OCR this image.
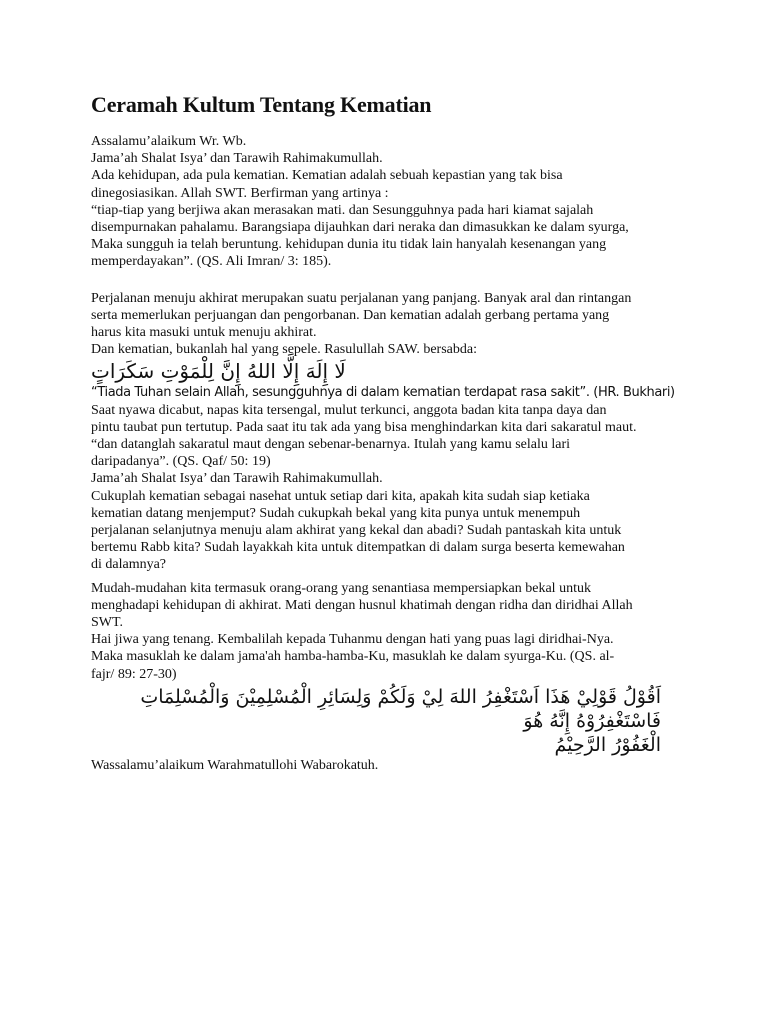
Ceramah Kultum Tentang Kematian

Assalamu’alaikum Wr. Wb.

Jama’ah Shalat Isya’ dan Tarawih Rahimakumullah.

Ada kehidupan, ada pula kematian. Kematian adalah sebuah kepastian yang tak bisa

dinegosiasikan. Allah SWT. Berfirman yang artinya :

“tiap-tiap yang berjiwa akan merasakan mati. dan Sesungguhnya pada hari kiamat sajalah

disempurnakan pahalamu. Barangsiapa dijauhkan dari neraka dan dimasukkan ke dalam syurga,

Maka sungguh ia telah beruntung. kehidupan dunia itu tidak lain hanyalah kesenangan yang

memperdayakan”. (QS. Ali Imran/ 3: 185).

Perjalanan menuju akhirat merupakan suatu perjalanan yang panjang. Banyak aral dan rintangan

serta memerlukan perjuangan dan pengorbanan. Dan kematian adalah gerbang pertama yang

harus kita masuki untuk menuju akhirat.

Dan kematian, bukanlah hal yang sepele. Rasulullah SAW. bersabda:

لَا إِلَهَ إِلَّا اللهُ إِنَّ لِلْمَوْتِ سَكَرَاتٍ

“Tiada Tuhan selain Allah, sesungguhnya di dalam kematian terdapat rasa sakit”. (HR. Bukhari)

Saat nyawa dicabut, napas kita tersengal, mulut terkunci, anggota badan kita tanpa daya dan

pintu taubat pun tertutup. Pada saat itu tak ada yang bisa menghindarkan kita dari sakaratul maut.

“dan datanglah sakaratul maut dengan sebenar-benarnya. Itulah yang kamu selalu lari

daripadanya”. (QS. Qaf/ 50: 19)

Jama’ah Shalat Isya’ dan Tarawih Rahimakumullah.

Cukuplah kematian sebagai nasehat untuk setiap dari kita, apakah kita sudah siap ketiaka

kematian datang menjemput? Sudah cukupkah bekal yang kita punya untuk menempuh

perjalanan selanjutnya menuju alam akhirat yang kekal dan abadi? Sudah pantaskah kita untuk

bertemu Rabb kita? Sudah layakkah kita untuk ditempatkan di dalam surga beserta kemewahan

di dalamnya?

Mudah-mudahan kita termasuk orang-orang yang senantiasa mempersiapkan bekal untuk

menghadapi kehidupan di akhirat. Mati dengan husnul khatimah dengan ridha dan diridhai Allah

SWT.

Hai jiwa yang tenang. Kembalilah kepada Tuhanmu dengan hati yang puas lagi diridhai-Nya.

Maka masuklah ke dalam jama'ah hamba-hamba-Ku, masuklah ke dalam syurga-Ku. (QS. al-

fajr/ 89: 27-30)

اَقُوْلُ قَوْلِيْ هَذَا اَسْتَغْفِرُ اللهَ لِيْ وَلَكُمْ وَلِسَائِرِ الْمُسْلِمِيْنَ وَالْمُسْلِمَاتِ فَاسْتَغْفِرُوْهُ إِنَّهُ هُوَ

الْغَفُوْرُ الرَّحِيْمُ

Wassalamu’alaikum Warahmatullohi Wabarokatuh.
